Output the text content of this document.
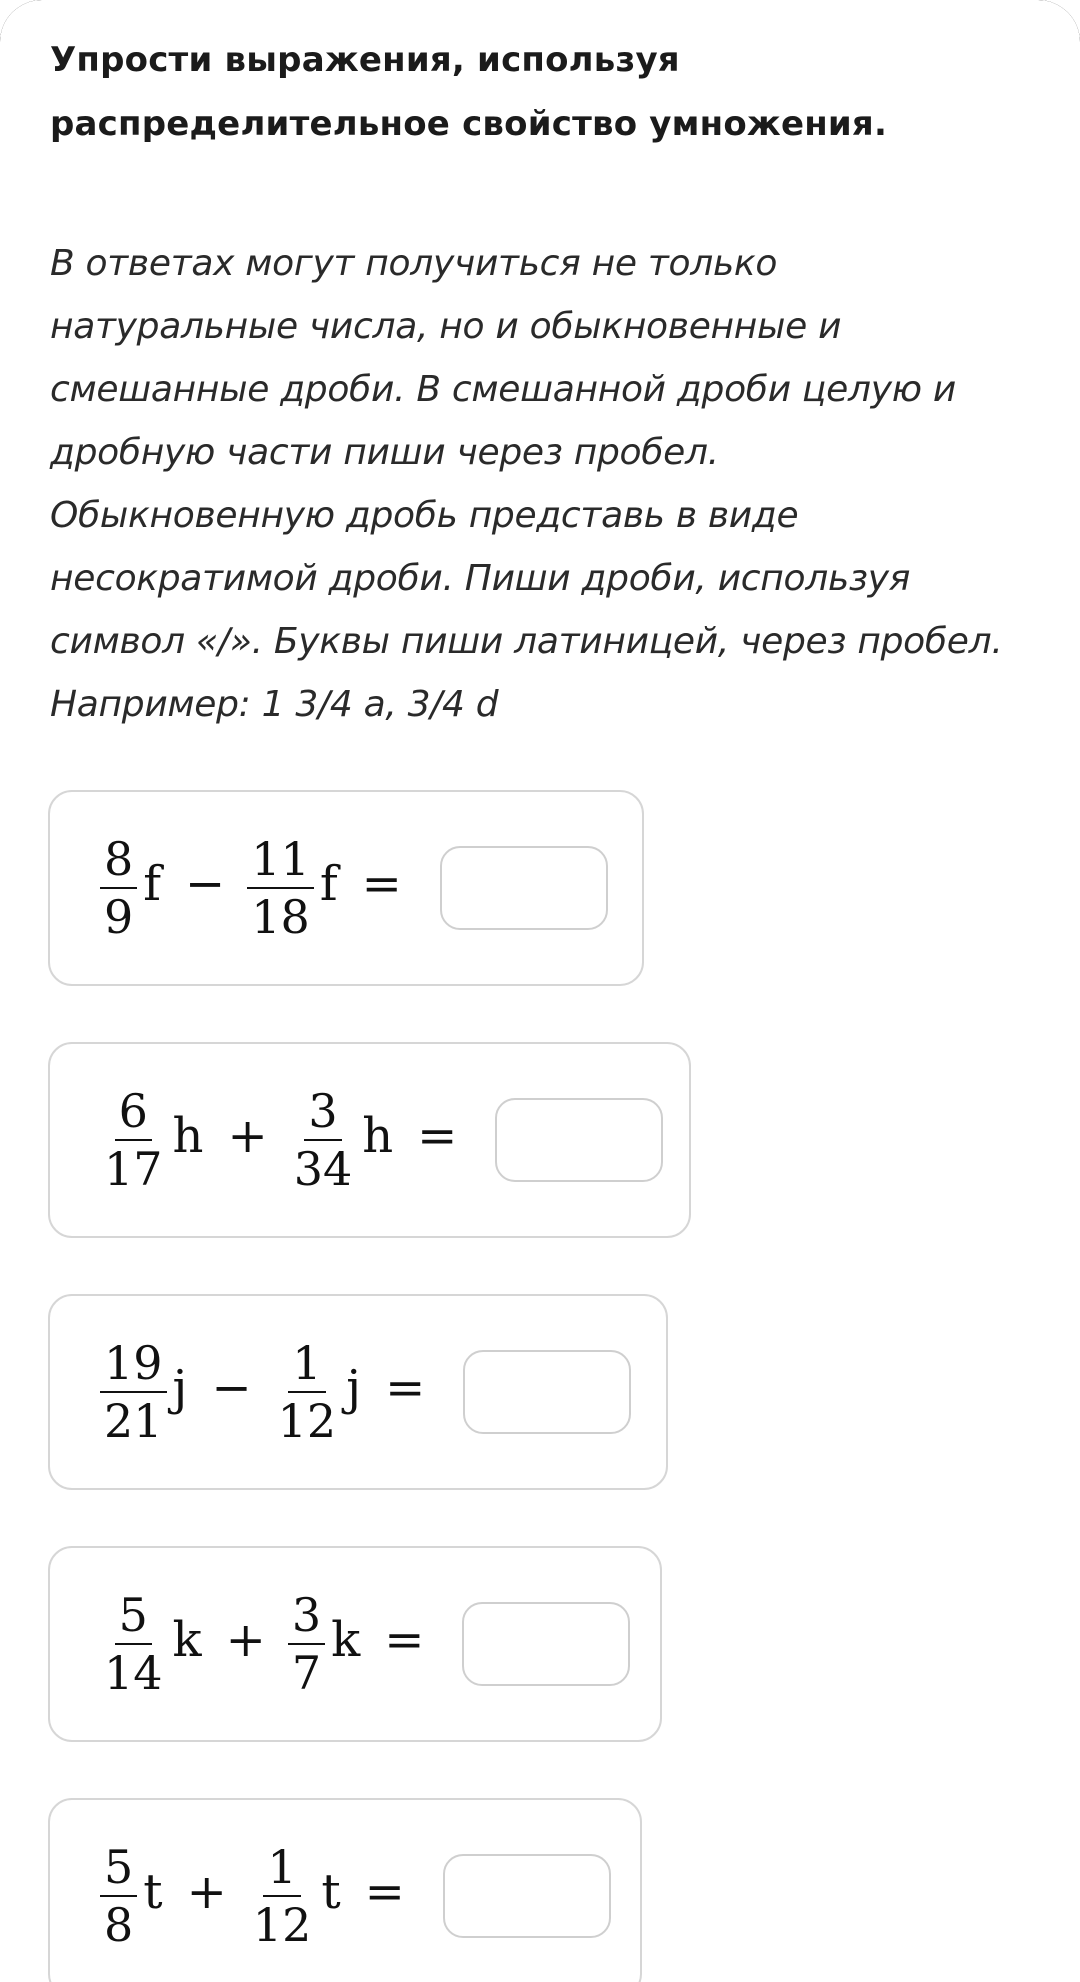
Упрости выражения, используя
распределительное свойство умножения.
В ответах могут получиться не только
натуральные числа, но и обыкновенные и
смешанные дроби. В смешанной дроби целую и
дробную части пиши через пробел.
Обыкновенную дробь представь в виде
несократимой дроби. Пиши дроби, используя
символ «/». Буквы пиши латиницей, через пробел.
Например: 1 3/4 a, 3/4 d
$\frac{8}{9}$ $f - \frac{11}{18}$ f =
$\frac{6}{17}$ $h + \frac{3}{34}$ h =
$\frac{19}{21}$ $j - \frac{1}{12}$ j =
$\frac{5}{14}$ $k + \frac{3}{7}$ k =
$\frac{5}{8}$ $t + \frac{1}{12}$ t =
